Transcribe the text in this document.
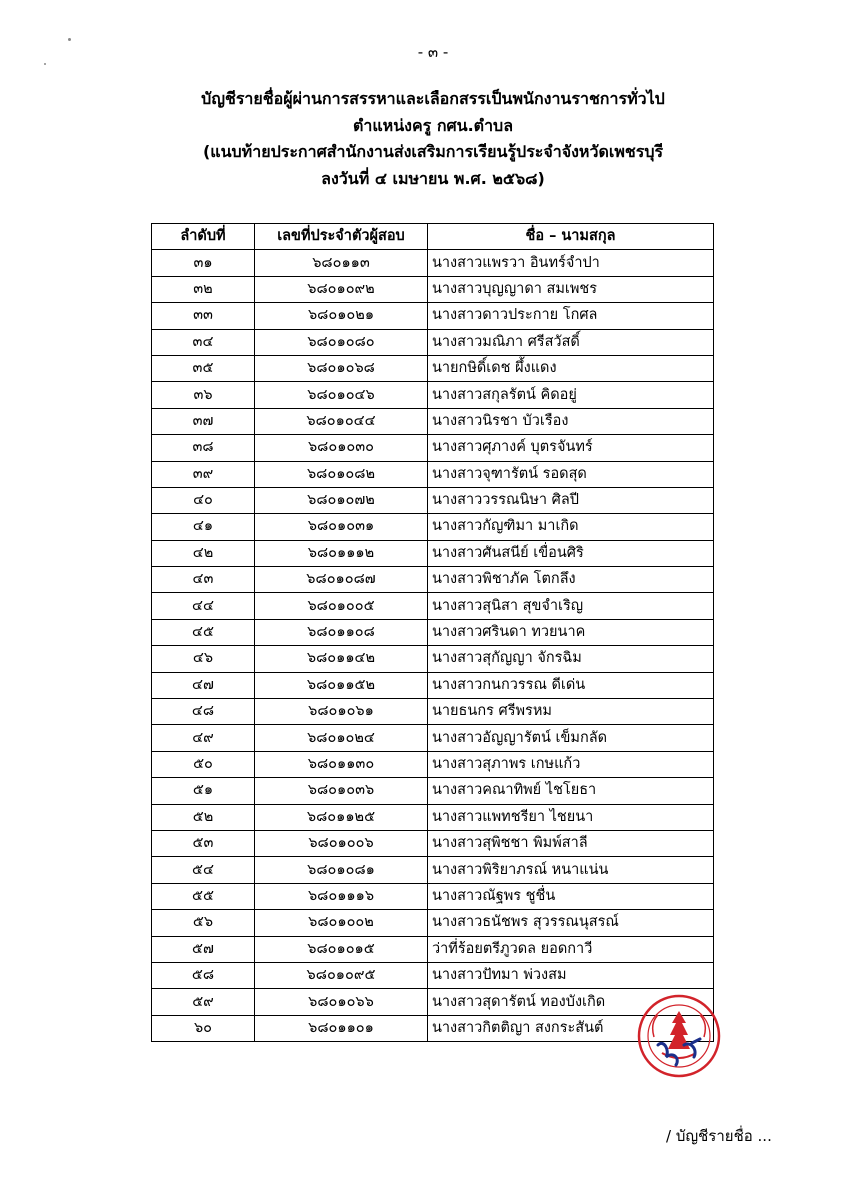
- ๓ -
บัญชีรายชื่อผู้ผ่านการสรรหาและเลือกสรรเป็นพนักงานราชการทั่วไป
ตำแหน่งครู กศน.ตำบล
(แนบท้ายประกาศสำนักงานส่งเสริมการเรียนรู้ประจำจังหวัดเพชรบุรี
ลงวันที่ ๔ เมษายน พ.ศ. ๒๕๖๘)
ลำดับที่	เลขที่ประจำตัวผู้สอบ	ชื่อ – นามสกุล
๓๑	๖๘๐๑๑๓	นางสาวแพรวา อินทร์จำปา
๓๒	๖๘๐๑๐๙๒	นางสาวบุญญาดา สมเพชร
๓๓	๖๘๐๑๐๒๑	นางสาวดาวประกาย โกศล
๓๔	๖๘๐๑๐๘๐	นางสาวมณิภา ศรีสวัสดิ์
๓๕	๖๘๐๑๐๖๘	นายกษิดิ์เดช ผึ้งแดง
๓๖	๖๘๐๑๐๔๖	นางสาวสกุลรัตน์ คิดอยู่
๓๗	๖๘๐๑๐๔๔	นางสาวนิรชา บัวเรือง
๓๘	๖๘๐๑๐๓๐	นางสาวศุภางค์ บุตรจันทร์
๓๙	๖๘๐๑๐๘๒	นางสาวจุฑารัตน์ รอดสุด
๔๐	๖๘๐๑๐๗๒	นางสาววรรณนิษา ศิลปี
๔๑	๖๘๐๑๐๓๑	นางสาวกัญฑิมา มาเกิด
๔๒	๖๘๐๑๑๑๒	นางสาวศันสนีย์ เขื่อนศิริ
๔๓	๖๘๐๑๐๘๗	นางสาวพิชาภัค โตกลึง
๔๔	๖๘๐๑๐๐๕	นางสาวสุนิสา สุขจำเริญ
๔๕	๖๘๐๑๑๐๘	นางสาวศรินดา ทวยนาค
๔๖	๖๘๐๑๑๔๒	นางสาวสุกัญญา จักรฉิม
๔๗	๖๘๐๑๑๕๒	นางสาวกนกวรรณ ดีเด่น
๔๘	๖๘๐๑๐๖๑	นายธนกร ศรีพรหม
๔๙	๖๘๐๑๐๒๔	นางสาวอัญญารัตน์ เข็มกลัด
๕๐	๖๘๐๑๑๓๐	นางสาวสุภาพร เกษแก้ว
๕๑	๖๘๐๑๐๓๖	นางสาวคณาทิพย์ ไชโยธา
๕๒	๖๘๐๑๑๒๕	นางสาวแพทชรียา ไชยนา
๕๓	๖๘๐๑๐๐๖	นางสาวสุพิชชา พิมพ์สาลี
๕๔	๖๘๐๑๐๘๑	นางสาวพิริยาภรณ์ หนาแน่น
๕๕	๖๘๐๑๑๑๖	นางสาวณัฐพร ชูชื่น
๕๖	๖๘๐๑๐๐๒	นางสาวธนัชพร สุวรรณนุสรณ์
๕๗	๖๘๐๑๐๑๕	ว่าที่ร้อยตรีภูวดล ยอดกาวี
๕๘	๖๘๐๑๐๙๕	นางสาวปัทมา พ่วงสม
๕๙	๖๘๐๑๐๖๖	นางสาวสุดารัตน์ ทองบังเกิด
๖๐	๖๘๐๑๑๐๑	นางสาวกิตติญา สงกระสันต์
/ บัญชีรายชื่อ ...
